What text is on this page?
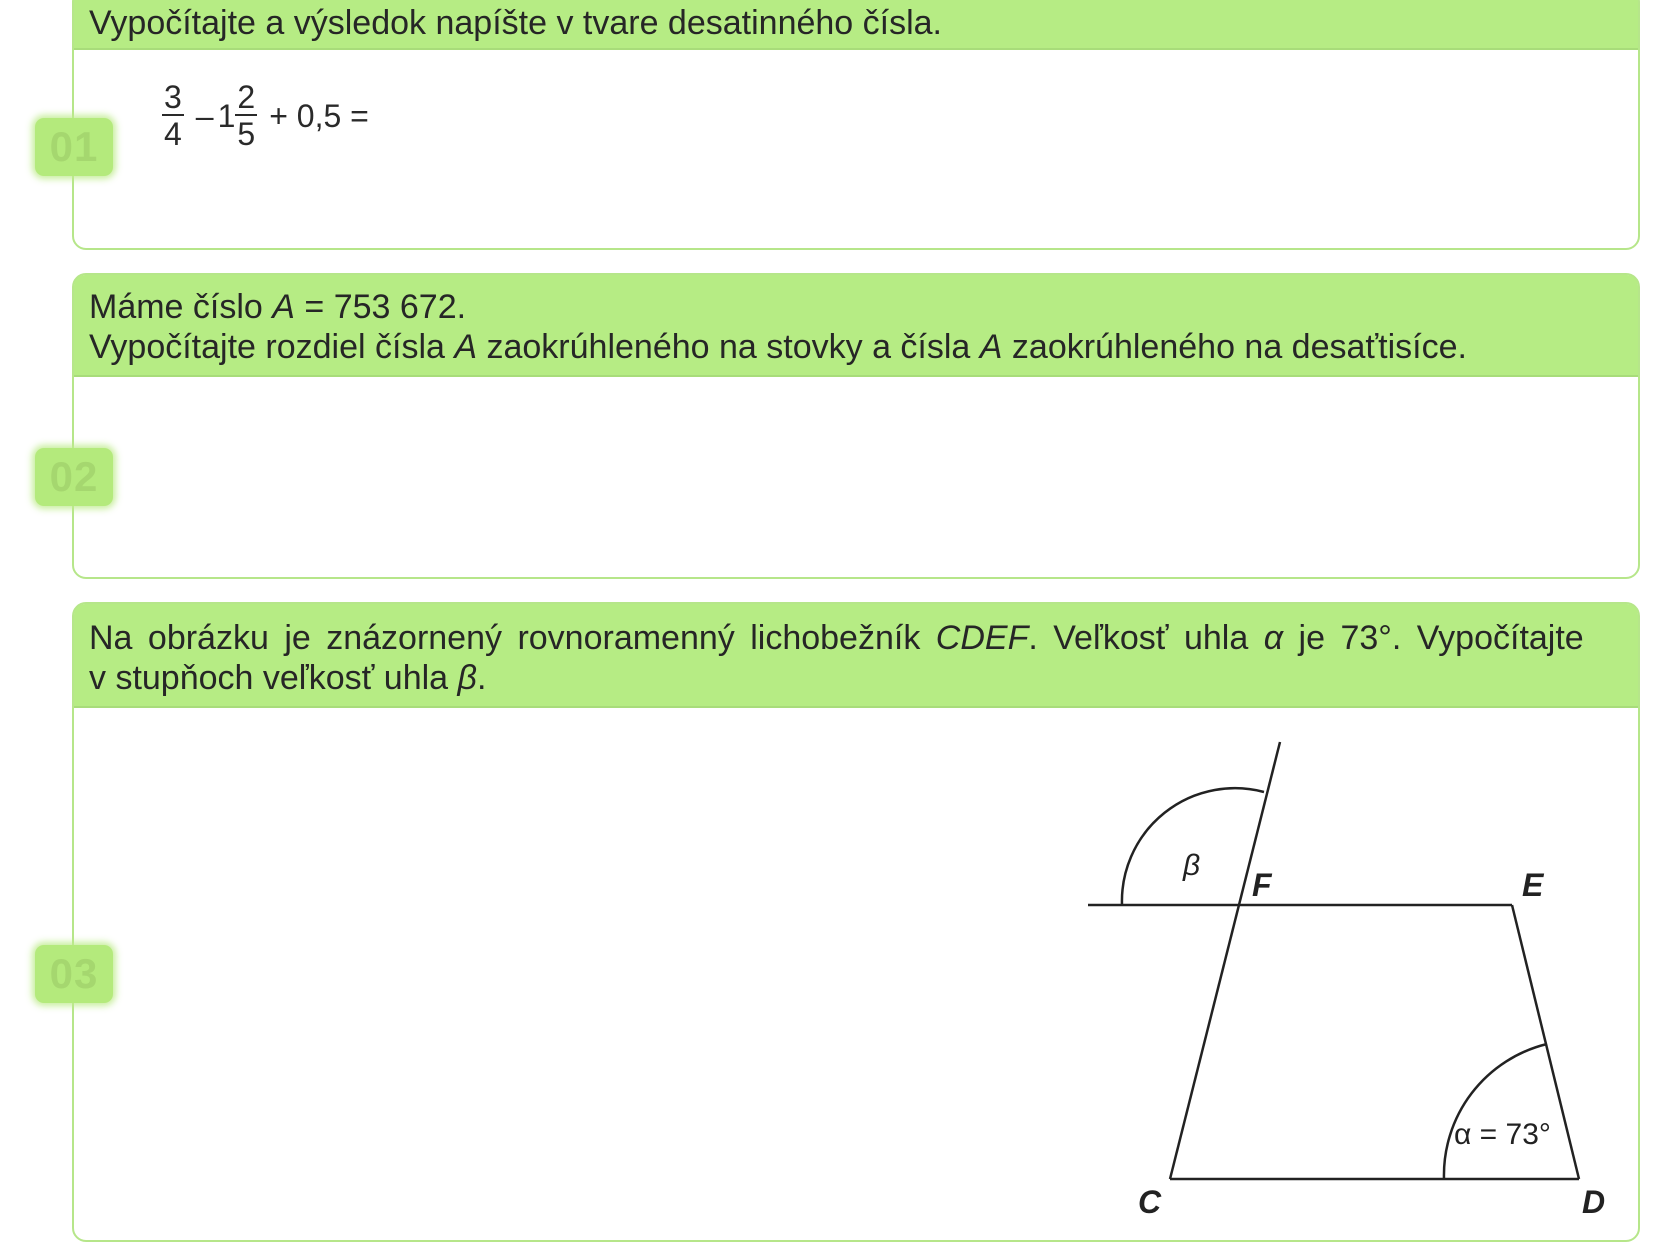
Vypočítajte a výsledok napíšte v tvare desatinného čísla.
$\frac{3}{4} - 1 \frac{2}{5} + 0,5$ =
01
Máme číslo A = 753 672.
Vypočítajte rozdiel čísla A zaokrúhleného na stovky a čísla A zaokrúhleného na desaťtisíce.
02
Na obrázku je znázornený rovnoramenný lichobežník CDEF. Veľkosť uhla α je 73°. Vypočítajte
v stupňoch veľkosť uhla β.
03
F	E
C	D
β
α = 73°
